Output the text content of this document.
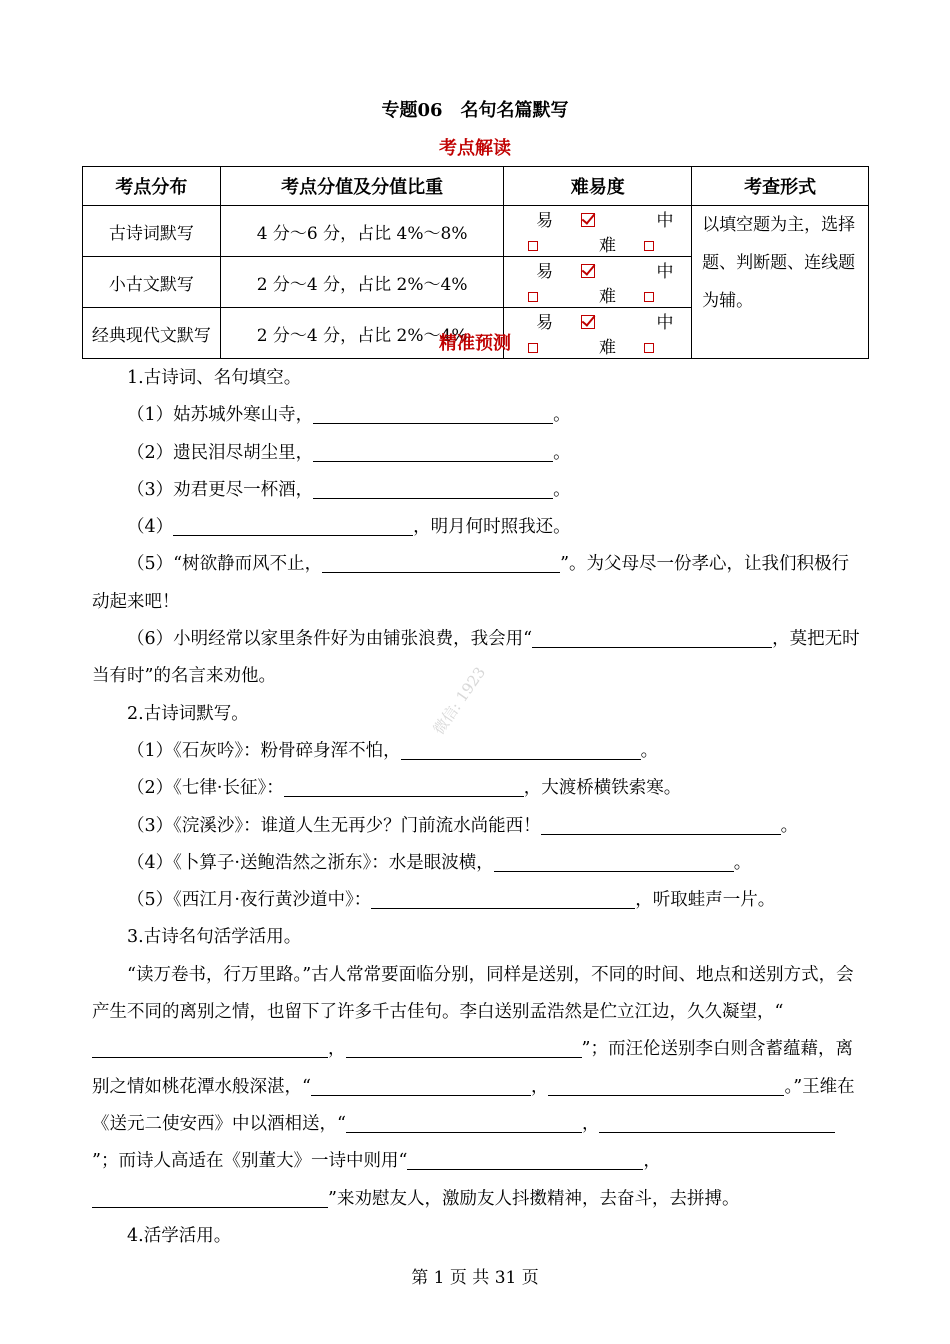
专题06　名句名篇默写
考点解读
考点分布	考点分值及分值比重	难易度	考查形式
古诗词默写	4 分～6 分，占比 4%～8%	易 中 难	以填空题为主，选择题、判断题、连线题为辅。
小古文默写	2 分～4 分，占比 2%～4%	易 中 难	
经典现代文默写	2 分～4 分，占比 2%～4%	易 中 难	
精准预测

1.古诗词、名句填空。

（1）姑苏城外寒山寺，	。

（2）遗民泪尽胡尘里，	。

（3）劝君更尽一杯酒，	。

（4）	，明月何时照我还。

（5）“树欲静而风不止，	”。为父母尽一份孝心，让我们积极行动起来吧！

（6）小明经常以家里条件好为由铺张浪费，我会用“	，莫把无时当有时”的名言来劝他。

2.古诗词默写。

（1）《石灰吟》：粉骨碎身浑不怕，	。

（2）《七律·长征》：	，大渡桥横铁索寒。

（3）《浣溪沙》：谁道人生无再少？门前流水尚能西！	。

（4）《卜算子·送鲍浩然之浙东》：水是眼波横，	。

（5）《西江月·夜行黄沙道中》：	，听取蛙声一片。

3.古诗名句活学活用。

“读万卷书，行万里路。”古人常常要面临分别，同样是送别，不同的时间、地点和送别方式，会产生不同的离别之情，也留下了许多千古佳句。李白送别孟浩然是伫立江边，久久凝望，“，	”；而汪伦送别李白则含蓄蕴藉，离别之情如桃花潭水般深湛，“	，	。”王维在《送元二使安西》中以酒相送，“	，”；而诗人高适在《别董大》一诗中则用“	，”来劝慰友人，激励友人抖擞精神，去奋斗，去拼搏。

4.活学活用。

微信: 1923
第 1 页 共 31 页
